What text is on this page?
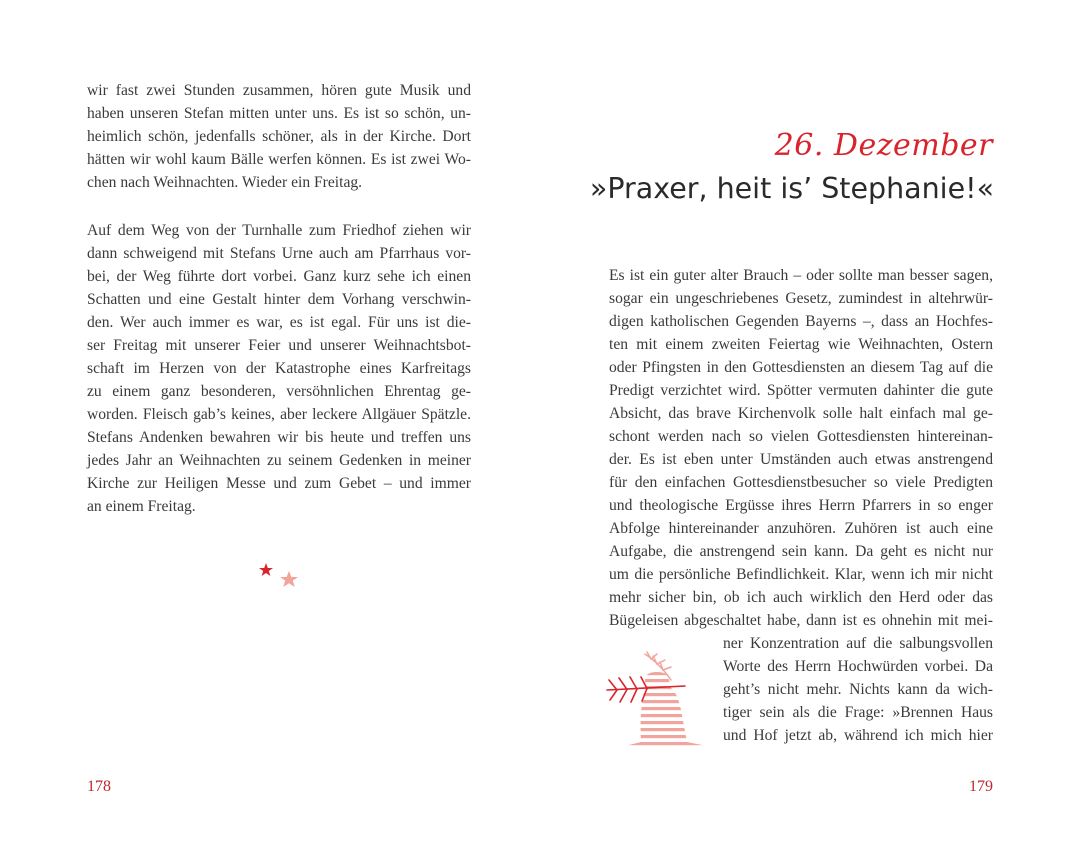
wir fast zwei Stunden zusammen, hören gute Musik und
haben unseren Stefan mitten unter uns. Es ist so schön, un-
heimlich schön, jedenfalls schöner, als in der Kirche. Dort
hätten wir wohl kaum Bälle werfen können. Es ist zwei Wo-
chen nach Weihnachten. Wieder ein Freitag.
Auf dem Weg von der Turnhalle zum Friedhof ziehen wir
dann schweigend mit Stefans Urne auch am Pfarrhaus vor-
bei, der Weg führte dort vorbei. Ganz kurz sehe ich einen
Schatten und eine Gestalt hinter dem Vorhang verschwin-
den. Wer auch immer es war, es ist egal. Für uns ist die-
ser Freitag mit unserer Feier und unserer Weihnachtsbot-
schaft im Herzen von der Katastrophe eines Karfreitags
zu einem ganz besonderen, versöhnlichen Ehrentag ge-
worden. Fleisch gab’s keines, aber leckere Allgäuer Spätzle.
Stefans Andenken bewahren wir bis heute und treffen uns
jedes Jahr an Weihnachten zu seinem Gedenken in meiner
Kirche zur Heiligen Messe und zum Gebet – und immer
an einem Freitag.
178
26. Dezember
»Praxer, heit is’ Stephanie!«
Es ist ein guter alter Brauch – oder sollte man besser sagen,
sogar ein ungeschriebenes Gesetz, zumindest in altehrwür-
digen katholischen Gegenden Bayerns –, dass an Hochfes-
ten mit einem zweiten Feiertag wie Weihnachten, Ostern
oder Pfingsten in den Gottesdiensten an diesem Tag auf die
Predigt verzichtet wird. Spötter vermuten dahinter die gute
Absicht, das brave Kirchenvolk solle halt einfach mal ge-
schont werden nach so vielen Gottesdiensten hintereinan-
der. Es ist eben unter Umständen auch etwas anstrengend
für den einfachen Gottesdienstbesucher so viele Predigten
und theologische Ergüsse ihres Herrn Pfarrers in so enger
Abfolge hintereinander anzuhören. Zuhören ist auch eine
Aufgabe, die anstrengend sein kann. Da geht es nicht nur
um die persönliche Befindlichkeit. Klar, wenn ich mir nicht
mehr sicher bin, ob ich auch wirklich den Herd oder das
Bügeleisen abgeschaltet habe, dann ist es ohnehin mit mei-
ner Konzentration auf die salbungsvollen
Worte des Herrn Hochwürden vorbei. Da
geht’s nicht mehr. Nichts kann da wich-
tiger sein als die Frage: »Brennen Haus
und Hof jetzt ab, während ich mich hier
179
